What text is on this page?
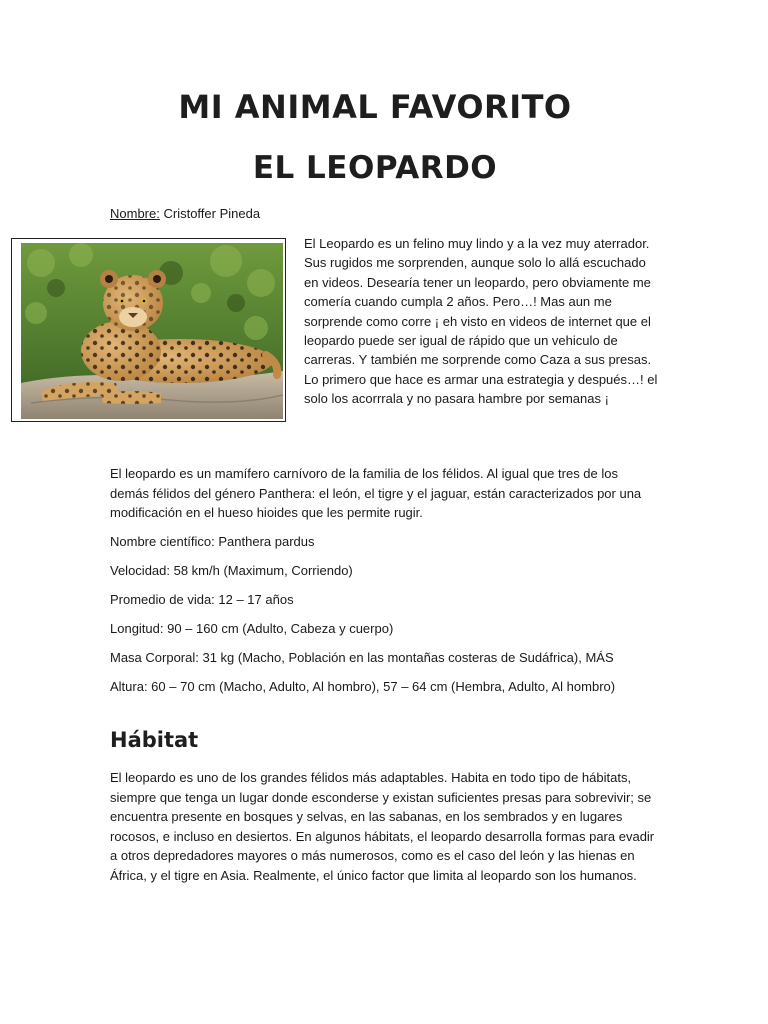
MI ANIMAL FAVORITO
EL LEOPARDO
Nombre: Cristoffer Pineda

El Leopardo es un felino muy lindo y a la vez muy aterrador. Sus rugidos me sorprenden, aunque solo lo allá escuchado en videos. Desearía tener un leopardo, pero obviamente me comería cuando cumpla 2 años. Pero…! Mas aun me sorprende como corre ¡ eh visto en videos de internet que el leopardo puede ser igual de rápido que un vehiculo de carreras. Y también me sorprende como Caza a sus presas. Lo primero que hace es armar una estrategia y después…! el solo los acorrrala y no pasara hambre por semanas ¡

El leopardo es un mamífero carnívoro de la familia de los félidos. Al igual que tres de los demás félidos del género Panthera: el león, el tigre y el jaguar, están caracterizados por una modificación en el hueso hioides que les permite rugir.

Nombre científico: Panthera pardus

Velocidad: 58 km/h (Maximum, Corriendo)

Promedio de vida: 12 – 17 años

Longitud: 90 – 160 cm (Adulto, Cabeza y cuerpo)

Masa Corporal: 31 kg (Macho, Población en las montañas costeras de Sudáfrica), MÁS

Altura: 60 – 70 cm (Macho, Adulto, Al hombro), 57 – 64 cm (Hembra, Adulto, Al hombro)

Hábitat

El leopardo es uno de los grandes félidos más adaptables. Habita en todo tipo de hábitats, siempre que tenga un lugar donde esconderse y existan suficientes presas para sobrevivir; se encuentra presente en bosques y selvas, en las sabanas, en los sembrados y en lugares rocosos, e incluso en desiertos. En algunos hábitats, el leopardo desarrolla formas para evadir a otros depredadores mayores o más numerosos, como es el caso del león y las hienas en África, y el tigre en Asia. Realmente, el único factor que limita al leopardo son los humanos.
